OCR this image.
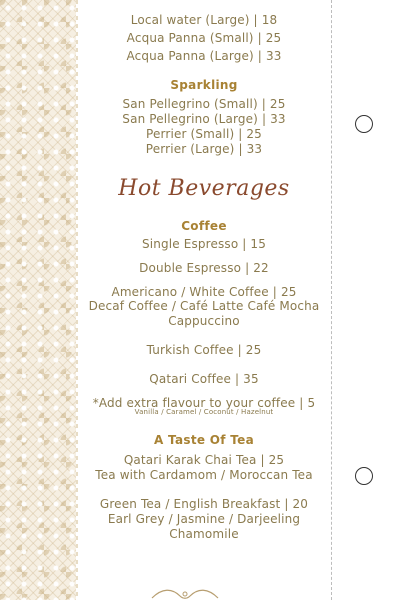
Local water (Large) | 18
Acqua Panna (Small) | 25
Acqua Panna (Large) | 33
Sparkling
San Pellegrino (Small) | 25
San Pellegrino (Large) | 33
Perrier (Small) | 25
Perrier (Large) | 33
Hot Beverages
Coffee
Single Espresso | 15
Double Espresso | 22
Americano / White Coffee | 25
Decaf Coffee / Café Latte Café Mocha
Cappuccino
Turkish Coffee | 25
Qatari Coffee | 35
*Add extra flavour to your coffee | 5
Vanilla / Caramel / Coconut / Hazelnut
A Taste Of Tea
Qatari Karak Chai Tea | 25
Tea with Cardamom / Moroccan Tea
Green Tea / English Breakfast | 20
Earl Grey / Jasmine / Darjeeling
Chamomile
